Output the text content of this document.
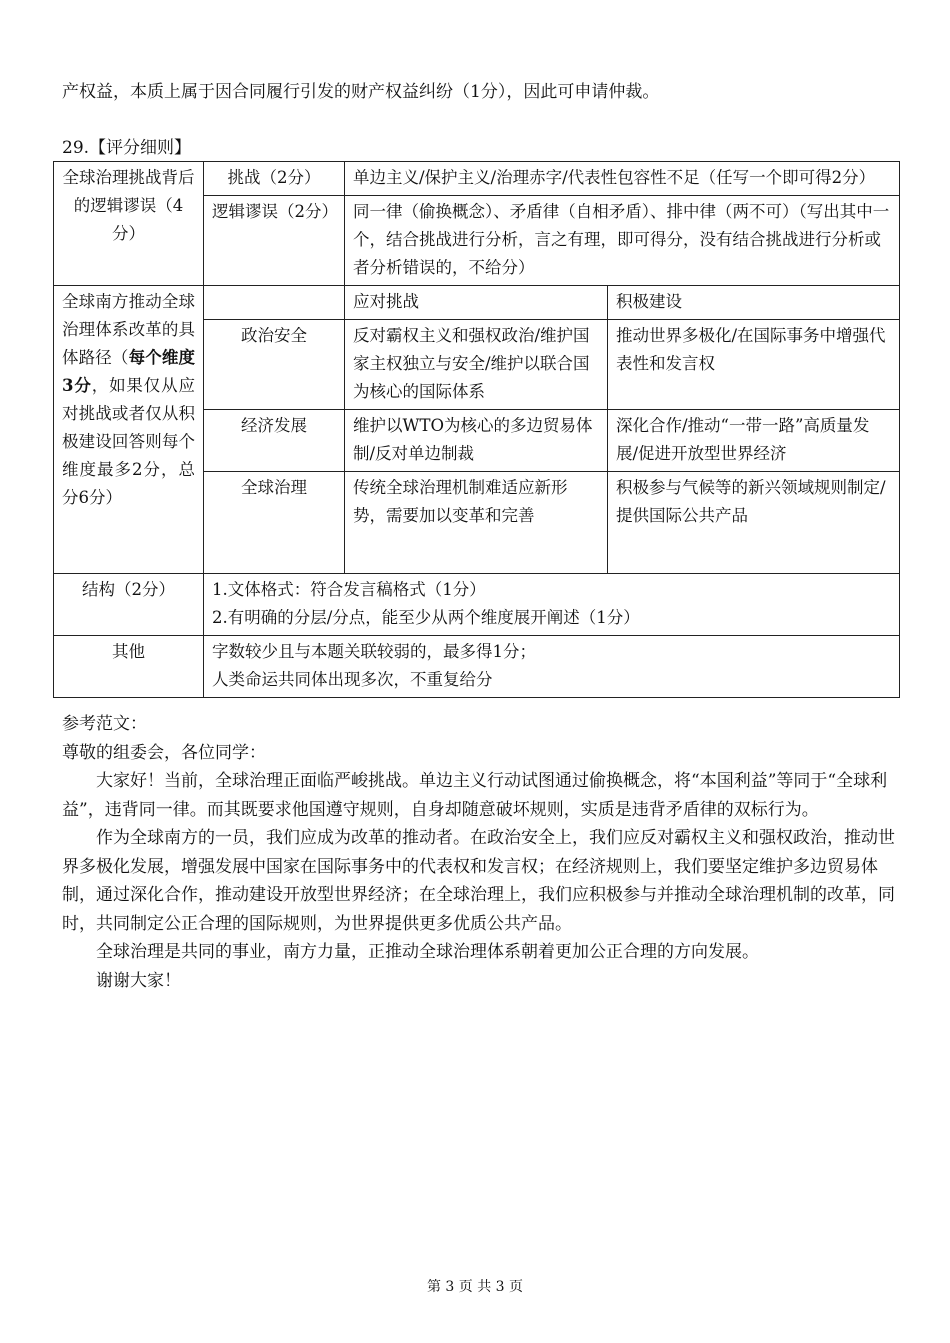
产权益，本质上属于因合同履行引发的财产权益纠纷（1分），因此可申请仲裁。
29.【评分细则】
全球治理挑战背后的逻辑谬误（4分）	挑战（2分）	单边主义/保护主义/治理赤字/代表性包容性不足（任写一个即可得2分）	
	逻辑谬误（2分）	同一律（偷换概念）、矛盾律（自相矛盾）、排中律（两不可）（写出其中一个，结合挑战进行分析，言之有理，即可得分，没有结合挑战进行分析或者分析错误的，不给分）	
全球南方推动全球治理体系改革的具体路径（每个维度 3分，如果仅从应对挑战或者仅从积极建设回答则每个维度最多2分，总分6分）		应对挑战	积极建设
	政治安全	反对霸权主义和强权政治/维护国家主权独立与安全/维护以联合国为核心的国际体系	推动世界多极化/在国际事务中增强代表性和发言权
	经济发展	维护以WTO为核心的多边贸易体制/反对单边制裁	深化合作/推动“一带一路”高质量发展/促进开放型世界经济
	全球治理	传统全球治理机制难适应新形势，需要加以变革和完善	积极参与气候等的新兴领域规则制定/提供国际公共产品
结构（2分）	1.文体格式：符合发言稿格式（1分）
2.有明确的分层/分点，能至少从两个维度展开阐述（1分）		

其他	字数较少且与本题关联较弱的，最多得1分；
人类命运共同体出现多次，不重复给分		

参考范文：

尊敬的组委会，各位同学：

大家好！当前，全球治理正面临严峻挑战。单边主义行动试图通过偷换概念，将“本国利益”等同于“全球利益”，违背同一律。而其既要求他国遵守规则，自身却随意破坏规则，实质是违背矛盾律的双标行为。

作为全球南方的一员，我们应成为改革的推动者。在政治安全上，我们应反对霸权主义和强权政治，推动世界多极化发展，增强发展中国家在国际事务中的代表权和发言权；在经济规则上，我们要坚定维护多边贸易体制，通过深化合作，推动建设开放型世界经济；在全球治理上，我们应积极参与并推动全球治理机制的改革，同时，共同制定公正合理的国际规则，为世界提供更多优质公共产品。

全球治理是共同的事业，南方力量，正推动全球治理体系朝着更加公正合理的方向发展。

谢谢大家！

第 3 页 共 3 页
